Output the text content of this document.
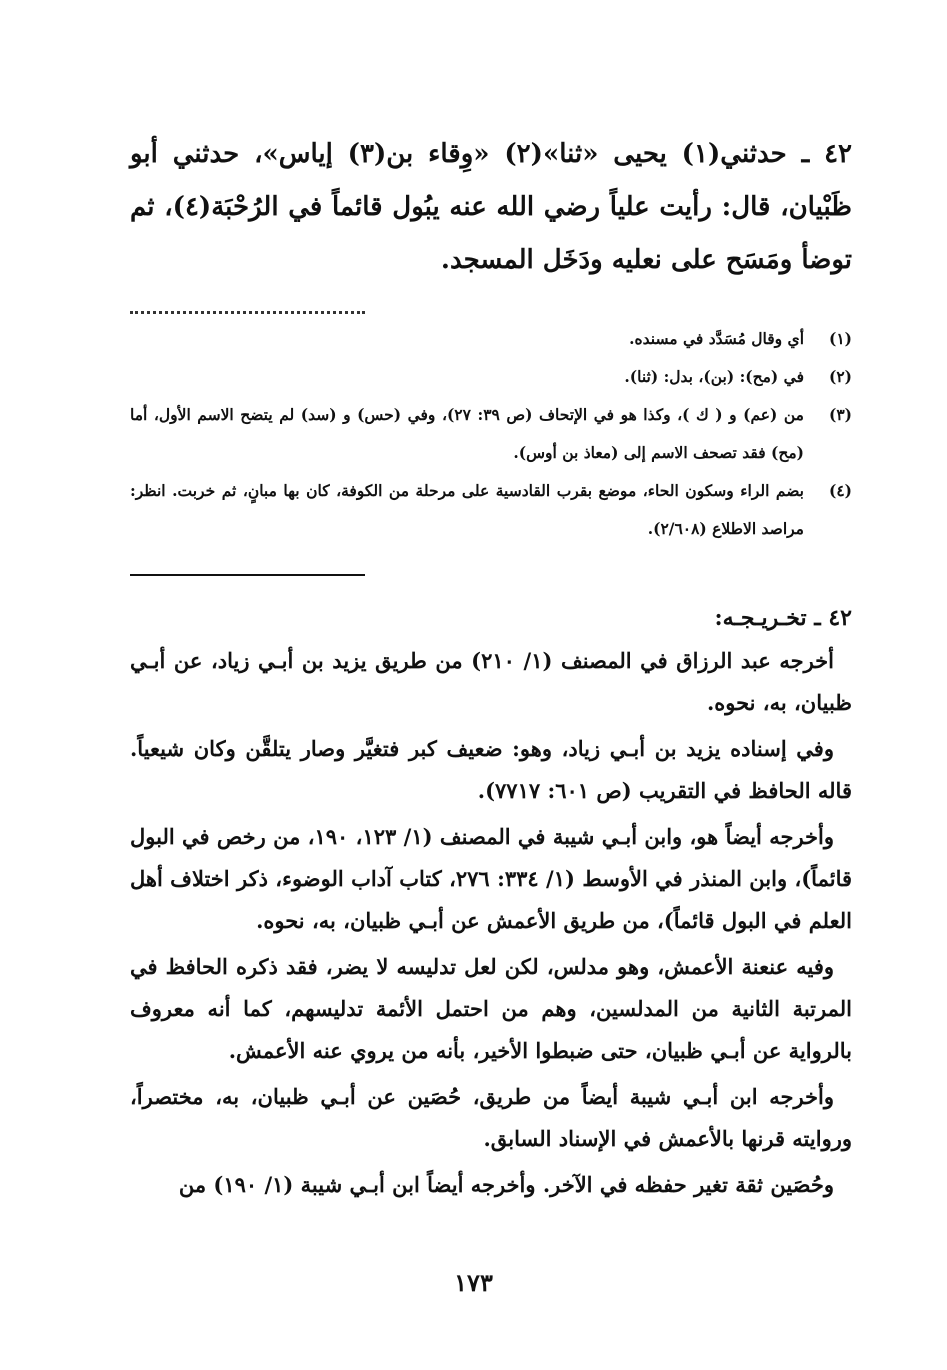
٤٢ ـ حدثني(١) يحيى «ثنا»(٢) «وِقاء بن(٣) إياس»، حدثني أبو ظَبْيان، قال: رأيت علياً رضي الله عنه يبُول قائماً في الرُحْبَة(٤)، ثم توضأ ومَسَح على نعليه ودَخَل المسجد.

(١)
أي وقال مُسَدَّد في مسنده.
(٢)
في (مح): (بن)، بدل: (ثنا).
(٣)
من (عم) و ( ك )، وكذا هو في الإتحاف (ص ٣٩: ٢٧)، وفي (حس) و (سد) لم يتضح الاسم الأول، أما (مح) فقد تصحف الاسم إلى (معاذ بن أوس).
(٤)
بضم الراء وسكون الحاء، موضع بقرب القادسية على مرحلة من الكوفة، كان بها مبانٍ، ثم خربت. انظر: مراصد الاطلاع (٢/٦٠٨).
٤٢ ـ تخـريـجـه:

أخرجه عبد الرزاق في المصنف (١/ ٢١٠) من طريق يزيد بن أبـي زياد، عن أبـي ظبيان، به، نحوه.

وفي إسناده يزيد بن أبـي زياد، وهو: ضعيف كبر فتغيَّر وصار يتلقَّن وكان شيعياً. قاله الحافظ في التقريب (ص ٦٠١: ٧٧١٧).

وأخرجه أيضاً هو، وابن أبـي شيبة في المصنف (١/ ١٢٣، ١٩٠، من رخص في البول قائماً)، وابن المنذر في الأوسط (١/ ٣٣٤: ٢٧٦، كتاب آداب الوضوء، ذكر اختلاف أهل العلم في البول قائماً)، من طريق الأعمش عن أبـي ظبيان، به، نحوه.

وفيه عنعنة الأعمش، وهو مدلس، لكن لعل تدليسه لا يضر، فقد ذكره الحافظ في المرتبة الثانية من المدلسين، وهم من احتمل الأئمة تدليسهم، كما أنه معروف بالرواية عن أبـي ظبيان، حتى ضبطوا الأخير، بأنه من يروي عنه الأعمش.

وأخرجه ابن أبـي شيبة أيضاً من طريق، حُصَين عن أبـي ظبيان، به، مختصراً، وروايته قرنها بالأعمش في الإسناد السابق.

وحُصَين ثقة تغير حفظه في الآخر. وأخرجه أيضاً ابن أبـي شيبة (١/ ١٩٠) من

١٧٣
